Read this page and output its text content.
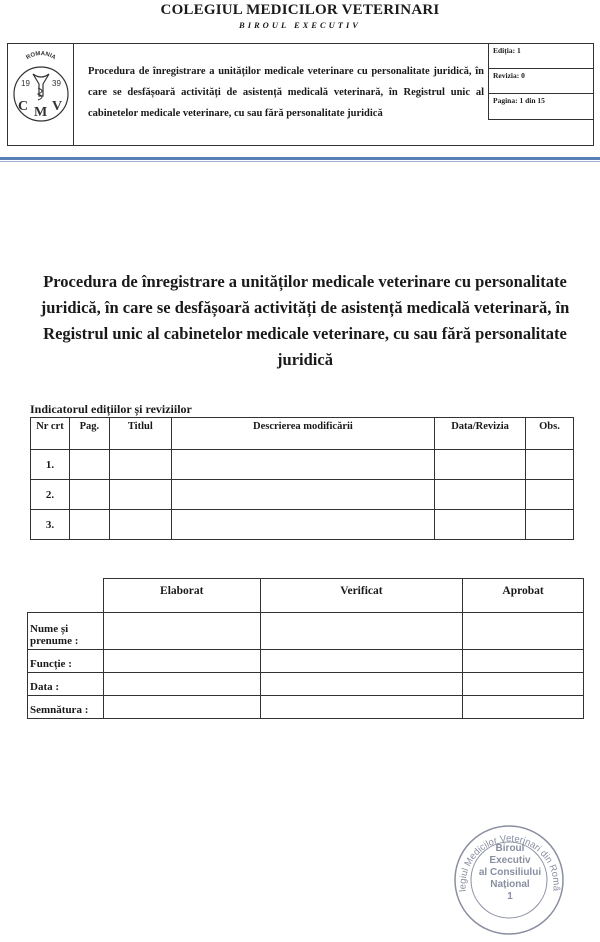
COLEGIUL MEDICILOR VETERINARI
BIROUL EXECUTIV
ROMANIA
19	39
C M V
Procedura de înregistrare a unităților medicale veterinare cu personalitate juridică, în care se desfășoară activități de asistență medicală veterinară, în Registrul unic al cabinetelor medicale veterinare, cu sau fără personalitate juridică
Ediția: 1
Revizia: 0
Pagina: 1 din 15
Procedura de înregistrare a unităților medicale veterinare cu personalitate juridică, în care se desfășoară activități de asistență medicală veterinară, în Registrul unic al cabinetelor medicale veterinare, cu sau fără personalitate juridică
Indicatorul edițiilor și reviziilor
Nr crt	Pag.	Titlul	Descrierea modificării	Data/Revizia	Obs.
1.					
2.					
3.					
	Elaborat	Verificat	Aprobat
Nume și prenume :			
Funcție :			
Data :			
Semnătura :			
legiul Medicilor Veterinari din Româ
Biroul
Executiv
al Consiliului
Național
1
